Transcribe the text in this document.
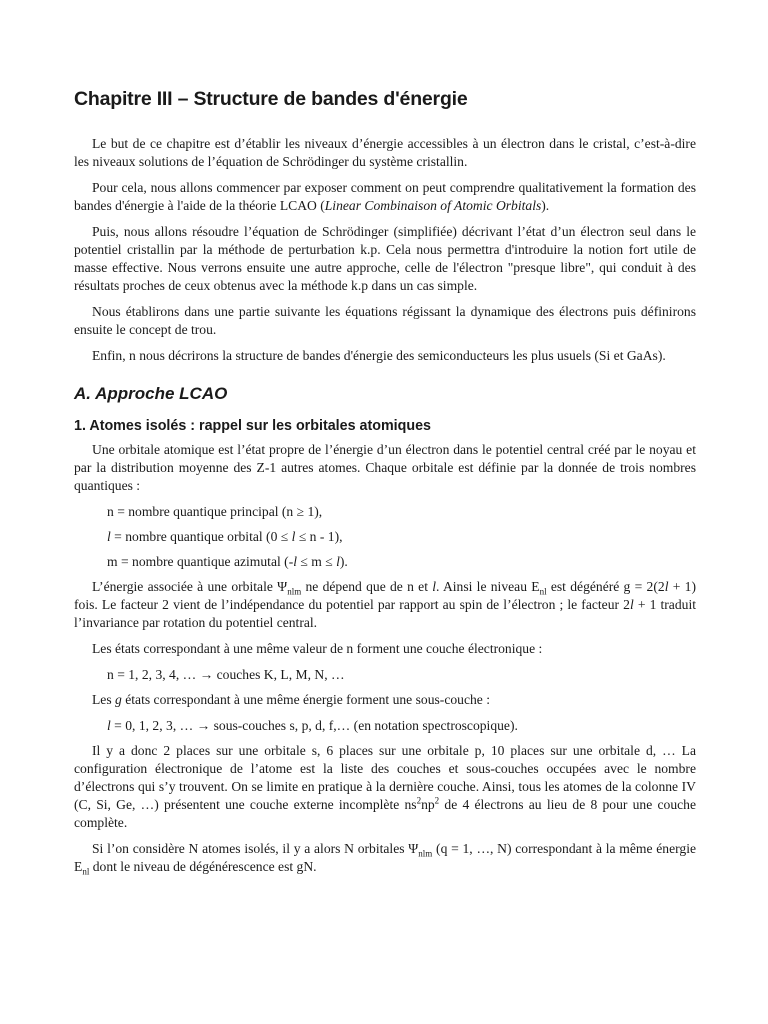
Chapitre III – Structure de bandes d'énergie

Le but de ce chapitre est d’établir les niveaux d’énergie accessibles à un électron dans le cristal, c’est-à-dire les niveaux solutions de l’équation de Schrödinger du système cristallin.

Pour cela, nous allons commencer par exposer comment on peut comprendre qualitativement la formation des bandes d'énergie à l'aide de la théorie LCAO (Linear Combinaison of Atomic Orbitals).

Puis, nous allons résoudre l’équation de Schrödinger (simplifiée) décrivant l’état d’un électron seul dans le potentiel cristallin par la méthode de perturbation k.p. Cela nous permettra d'introduire la notion fort utile de masse effective. Nous verrons ensuite une autre approche, celle de l'électron "presque libre", qui conduit à des résultats proches de ceux obtenus avec la méthode k.p dans un cas simple.

Nous établirons dans une partie suivante les équations régissant la dynamique des électrons puis définirons ensuite le concept de trou.

Enfin, n nous décrirons la structure de bandes d'énergie des semiconducteurs les plus usuels (Si et GaAs).

A. Approche LCAO
1. Atomes isolés : rappel sur les orbitales atomiques

Une orbitale atomique est l’état propre de l’énergie d’un électron dans le potentiel central créé par le noyau et par la distribution moyenne des Z-1 autres atomes. Chaque orbitale est définie par la donnée de trois nombres quantiques :

n = nombre quantique principal (n ≥ 1),

l = nombre quantique orbital (0 ≤ l ≤ n - 1),

m = nombre quantique azimutal (-l ≤ m ≤ l).

L’énergie associée à une orbitale $\Psi_{nlm}$ ne dépend que de n et l. Ainsi le niveau $E_{nl}$ est dégénéré g = 2(2l + 1) fois. Le facteur 2 vient de l’indépendance du potentiel par rapport au spin de l’électron ; le facteur 2l + 1 traduit l’invariance par rotation du potentiel central.

Les états correspondant à une même valeur de n forment une couche électronique :

n = 1, 2, 3, 4, … → couches K, L, M, N, …

Les g états correspondant à une même énergie forment une sous-couche :

l = 0, 1, 2, 3, … → sous-couches s, p, d, f,… (en notation spectroscopique).

Il y a donc 2 places sur une orbitale s, 6 places sur une orbitale p, 10 places sur une orbitale d, … La configuration électronique de l’atome est la liste des couches et sous-couches occupées avec le nombre d’électrons qui s’y trouvent. On se limite en pratique à la dernière couche. Ainsi, tous les atomes de la colonne IV (C, Si, Ge, …) présentent une couche externe incomplète $ns^2np^2$ de 4 électrons au lieu de 8 pour une couche complète.

Si l’on considère N atomes isolés, il y a alors N orbitales $\Psi_{nlm}$ (q = 1, …, N) correspondant à la même énergie $E_{nl}$ dont le niveau de dégénérescence est gN.
